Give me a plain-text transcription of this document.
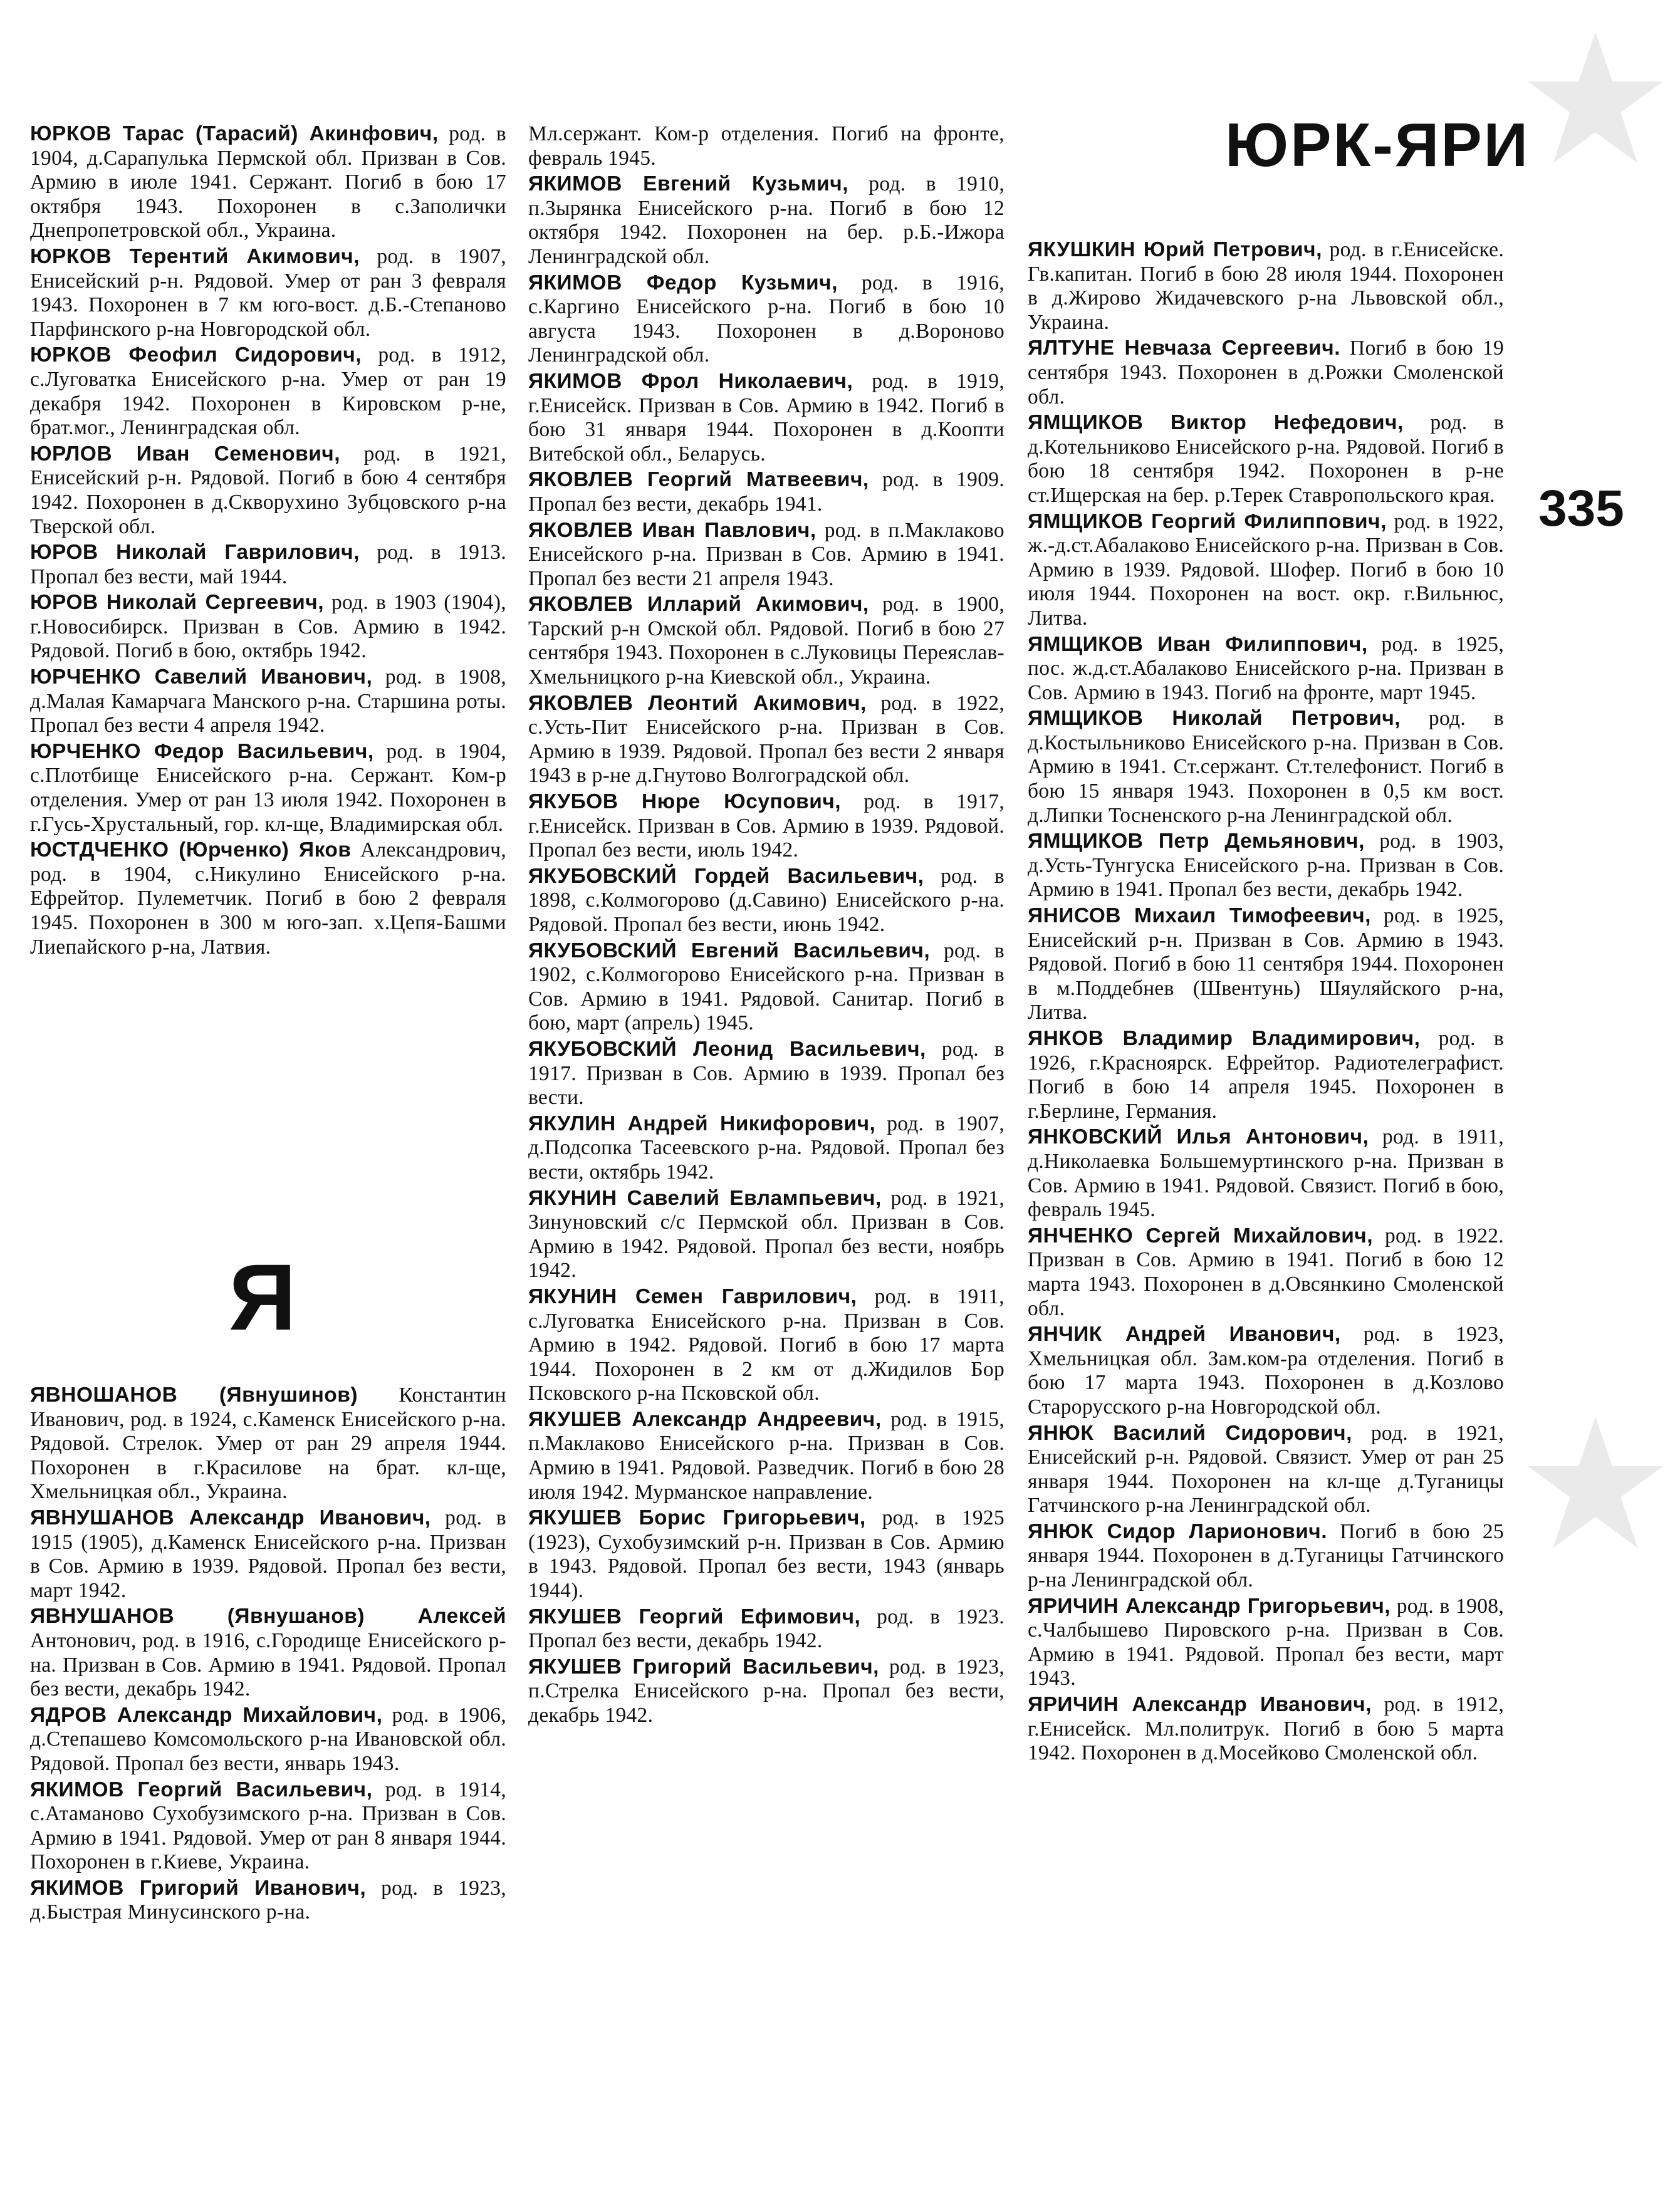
ЮРК-ЯРИ
335
Я

ЮРКОВ Тарас (Тарасий) Акинфович, род. в 1904, д.Сарапулька Пермской обл. Призван в Сов. Армию в июле 1941. Сержант. Погиб в бою 17 октября 1943. Похоронен в с.Заполички Днепропетровской обл., Украина.

ЮРКОВ Терентий Акимович, род. в 1907, Енисейский р-н. Рядовой. Умер от ран 3 февраля 1943. Похоронен в 7 км юго-вост. д.Б.-Степаново Парфинского р-на Новгородской обл.

ЮРКОВ Феофил Сидорович, род. в 1912, с.Луговатка Енисейского р-на. Умер от ран 19 декабря 1942. Похоронен в Кировском р-не, брат.мог., Ленинградская обл.

ЮРЛОВ Иван Семенович, род. в 1921, Енисейский р-н. Рядовой. Погиб в бою 4 сентября 1942. Похоронен в д.Скворухино Зубцовского р-на Тверской обл.

ЮРОВ Николай Гаврилович, род. в 1913. Пропал без вести, май 1944.

ЮРОВ Николай Сергеевич, род. в 1903 (1904), г.Новосибирск. Призван в Сов. Армию в 1942. Рядовой. Погиб в бою, октябрь 1942.

ЮРЧЕНКО Савелий Иванович, род. в 1908, д.Малая Камарчага Манского р-на. Старшина роты. Пропал без вести 4 апреля 1942.

ЮРЧЕНКО Федор Васильевич, род. в 1904, с.Плотбище Енисейского р-на. Сержант. Ком-р отделения. Умер от ран 13 июля 1942. Похоронен в г.Гусь-Хрустальный, гор. кл-ще, Владимирская обл.

ЮСТДЧЕНКО (Юрченко) Яков Александрович, род. в 1904, с.Никулино Енисейского р-на. Ефрейтор. Пулеметчик. Погиб в бою 2 февраля 1945. Похоронен в 300 м юго-зап. х.Цепя-Башми Лиепайского р-на, Латвия.

ЯВНОШАНОВ (Явнушинов) Константин Иванович, род. в 1924, с.Каменск Енисейского р-на. Рядовой. Стрелок. Умер от ран 29 апреля 1944. Похоронен в г.Красилове на брат. кл-ще, Хмельницкая обл., Украина.

ЯВНУШАНОВ Александр Иванович, род. в 1915 (1905), д.Каменск Енисейского р-на. Призван в Сов. Армию в 1939. Рядовой. Пропал без вести, март 1942.

ЯВНУШАНОВ (Явнушанов) Алексей Антонович, род. в 1916, с.Городище Енисейского р-на. Призван в Сов. Армию в 1941. Рядовой. Пропал без вести, декабрь 1942.

ЯДРОВ Александр Михайлович, род. в 1906, д.Степашево Комсомольского р-на Ивановской обл. Рядовой. Пропал без вести, январь 1943.

ЯКИМОВ Георгий Васильевич, род. в 1914, с.Атаманово Сухобузимского р-на. Призван в Сов. Армию в 1941. Рядовой. Умер от ран 8 января 1944. Похоронен в г.Киеве, Украина.

ЯКИМОВ Григорий Иванович, род. в 1923, д.Быстрая Минусинского р-на.

Мл.сержант. Ком-р отделения. Погиб на фронте, февраль 1945.

ЯКИМОВ Евгений Кузьмич, род. в 1910, п.Зырянка Енисейского р-на. Погиб в бою 12 октября 1942. Похоронен на бер. р.Б.-Ижора Ленинградской обл.

ЯКИМОВ Федор Кузьмич, род. в 1916, с.Каргино Енисейского р-на. Погиб в бою 10 августа 1943. Похоронен в д.Вороново Ленинградской обл.

ЯКИМОВ Фрол Николаевич, род. в 1919, г.Енисейск. Призван в Сов. Армию в 1942. Погиб в бою 31 января 1944. Похоронен в д.Коопти Витебской обл., Беларусь.

ЯКОВЛЕВ Георгий Матвеевич, род. в 1909. Пропал без вести, декабрь 1941.

ЯКОВЛЕВ Иван Павлович, род. в п.Маклаково Енисейского р-на. Призван в Сов. Армию в 1941. Пропал без вести 21 апреля 1943.

ЯКОВЛЕВ Илларий Акимович, род. в 1900, Тарский р-н Омской обл. Рядовой. Погиб в бою 27 сентября 1943. Похоронен в с.Луковицы Переяслав-Хмельницкого р-на Киевской обл., Украина.

ЯКОВЛЕВ Леонтий Акимович, род. в 1922, с.Усть-Пит Енисейского р-на. Призван в Сов. Армию в 1939. Рядовой. Пропал без вести 2 января 1943 в р-не д.Гнутово Волгоградской обл.

ЯКУБОВ Нюре Юсупович, род. в 1917, г.Енисейск. Призван в Сов. Армию в 1939. Рядовой. Пропал без вести, июль 1942.

ЯКУБОВСКИЙ Гордей Васильевич, род. в 1898, с.Колмогорово (д.Савино) Енисейского р-на. Рядовой. Пропал без вести, июнь 1942.

ЯКУБОВСКИЙ Евгений Васильевич, род. в 1902, с.Колмогорово Енисейского р-на. Призван в Сов. Армию в 1941. Рядовой. Санитар. Погиб в бою, март (апрель) 1945.

ЯКУБОВСКИЙ Леонид Васильевич, род. в 1917. Призван в Сов. Армию в 1939. Пропал без вести.

ЯКУЛИН Андрей Никифорович, род. в 1907, д.Подсопка Тасеевского р-на. Рядовой. Пропал без вести, октябрь 1942.

ЯКУНИН Савелий Евлампьевич, род. в 1921, Зинуновский с/с Пермской обл. Призван в Сов. Армию в 1942. Рядовой. Пропал без вести, ноябрь 1942.

ЯКУНИН Семен Гаврилович, род. в 1911, с.Луговатка Енисейского р-на. Призван в Сов. Армию в 1942. Рядовой. Погиб в бою 17 марта 1944. Похоронен в 2 км от д.Жидилов Бор Псковского р-на Псковской обл.

ЯКУШЕВ Александр Андреевич, род. в 1915, п.Маклаково Енисейского р-на. Призван в Сов. Армию в 1941. Рядовой. Разведчик. Погиб в бою 28 июля 1942. Мурманское направление.

ЯКУШЕВ Борис Григорьевич, род. в 1925 (1923), Сухобузимский р-н. Призван в Сов. Армию в 1943. Рядовой. Пропал без вести, 1943 (январь 1944).

ЯКУШЕВ Георгий Ефимович, род. в 1923. Пропал без вести, декабрь 1942.

ЯКУШЕВ Григорий Васильевич, род. в 1923, п.Стрелка Енисейского р-на. Пропал без вести, декабрь 1942.

ЯКУШКИН Юрий Петрович, род. в г.Енисейске. Гв.капитан. Погиб в бою 28 июля 1944. Похоронен в д.Жирово Жидачевского р-на Львовской обл., Украина.

ЯЛТУНЕ Невчаза Сергеевич. Погиб в бою 19 сентября 1943. Похоронен в д.Рожки Смоленской обл.

ЯМЩИКОВ Виктор Нефедович, род. в д.Котельниково Енисейского р-на. Рядовой. Погиб в бою 18 сентября 1942. Похоронен в р-не ст.Ищерская на бер. р.Терек Ставропольского края.

ЯМЩИКОВ Георгий Филиппович, род. в 1922, ж.-д.ст.Абалаково Енисейского р-на. Призван в Сов. Армию в 1939. Рядовой. Шофер. Погиб в бою 10 июля 1944. Похоронен на вост. окр. г.Вильнюс, Литва.

ЯМЩИКОВ Иван Филиппович, род. в 1925, пос. ж.д.ст.Абалаково Енисейского р-на. Призван в Сов. Армию в 1943. Погиб на фронте, март 1945.

ЯМЩИКОВ Николай Петрович, род. в д.Костыльниково Енисейского р-на. Призван в Сов. Армию в 1941. Ст.сержант. Ст.телефонист. Погиб в бою 15 января 1943. Похоронен в 0,5 км вост. д.Липки Тосненского р-на Ленинградской обл.

ЯМЩИКОВ Петр Демьянович, род. в 1903, д.Усть-Тунгуска Енисейского р-на. Призван в Сов. Армию в 1941. Пропал без вести, декабрь 1942.

ЯНИСОВ Михаил Тимофеевич, род. в 1925, Енисейский р-н. Призван в Сов. Армию в 1943. Рядовой. Погиб в бою 11 сентября 1944. Похоронен в м.Поддебнев (Швентунь) Шяуляйского р-на, Литва.

ЯНКОВ Владимир Владимирович, род. в 1926, г.Красноярск. Ефрейтор. Радиотелеграфист. Погиб в бою 14 апреля 1945. Похоронен в г.Берлине, Германия.

ЯНКОВСКИЙ Илья Антонович, род. в 1911, д.Николаевка Большемуртинского р-на. Призван в Сов. Армию в 1941. Рядовой. Связист. Погиб в бою, февраль 1945.

ЯНЧЕНКО Сергей Михайлович, род. в 1922. Призван в Сов. Армию в 1941. Погиб в бою 12 марта 1943. Похоронен в д.Овсянкино Смоленской обл.

ЯНЧИК Андрей Иванович, род. в 1923, Хмельницкая обл. Зам.ком-ра отделения. Погиб в бою 17 марта 1943. Похоронен в д.Козлово Старорусского р-на Новгородской обл.

ЯНЮК Василий Сидорович, род. в 1921, Енисейский р-н. Рядовой. Связист. Умер от ран 25 января 1944. Похоронен на кл-ще д.Туганицы Гатчинского р-на Ленинградской обл.

ЯНЮК Сидор Ларионович. Погиб в бою 25 января 1944. Похоронен в д.Туганицы Гатчинского р-на Ленинградской обл.

ЯРИЧИН Александр Григорьевич, род. в 1908, с.Чалбышево Пировского р-на. Призван в Сов. Армию в 1941. Рядовой. Пропал без вести, март 1943.

ЯРИЧИН Александр Иванович, род. в 1912, г.Енисейск. Мл.политрук. Погиб в бою 5 марта 1942. Похоронен в д.Мосейково Смоленской обл.
